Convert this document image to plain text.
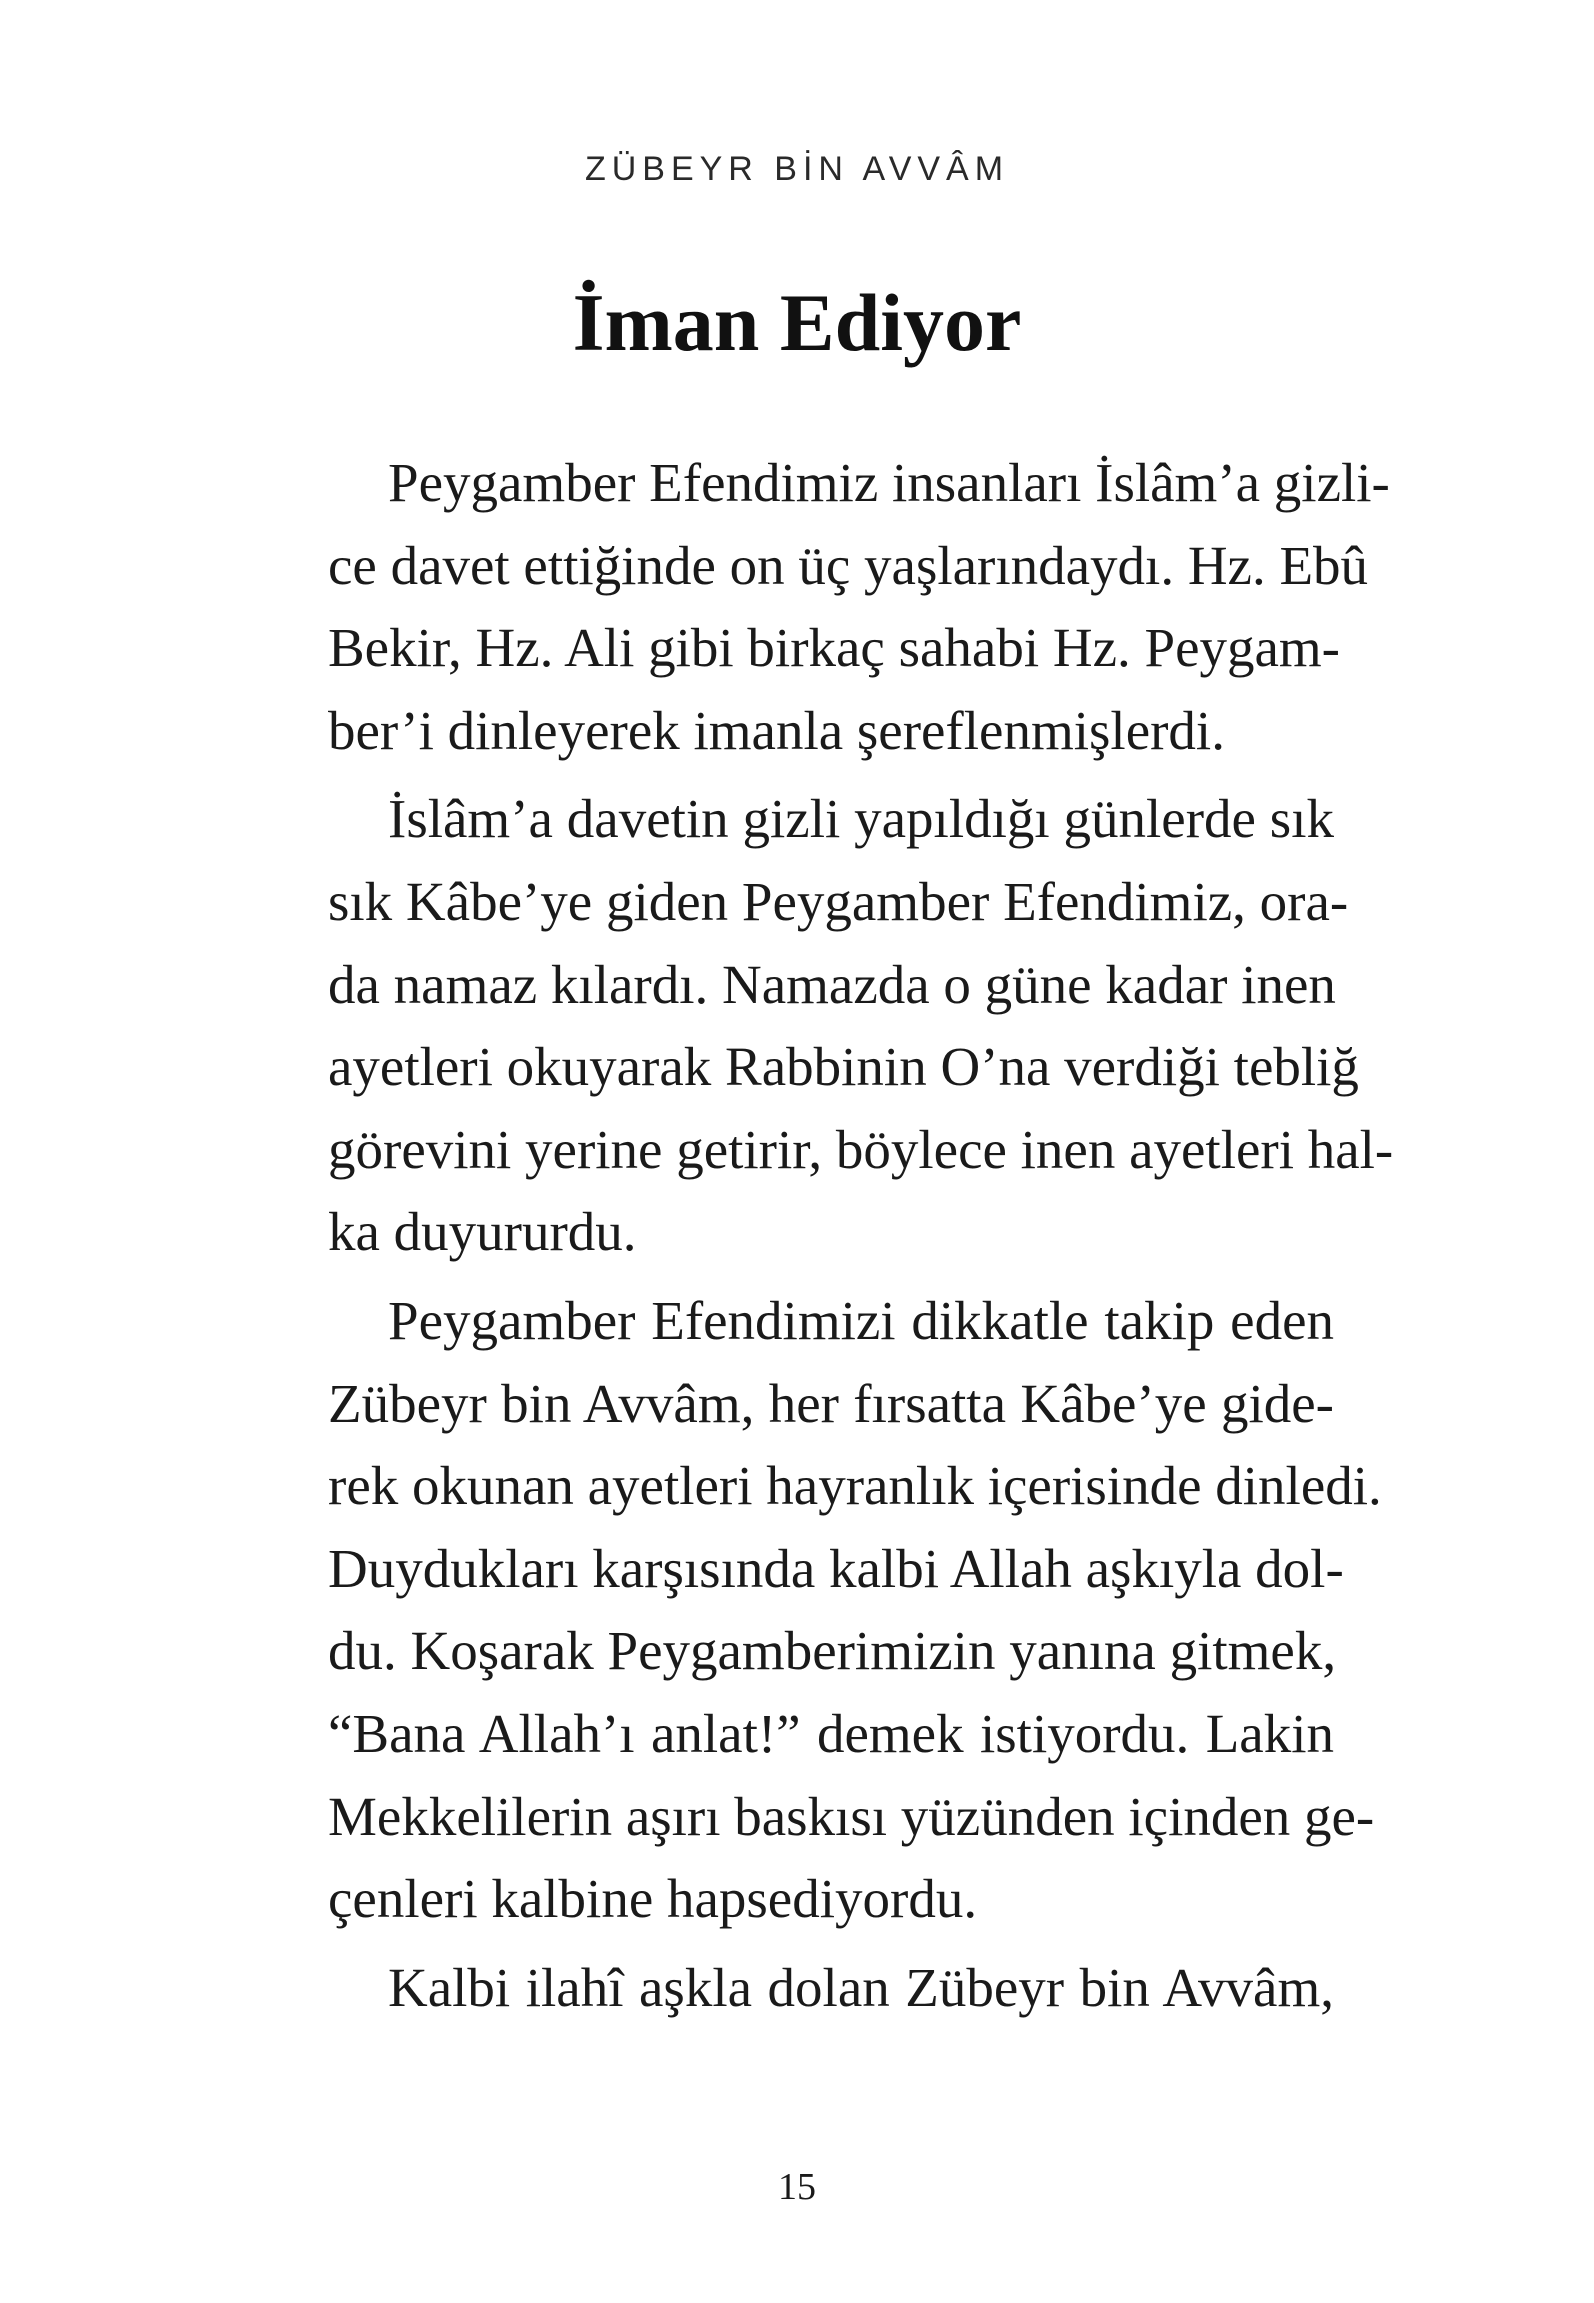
ZÜBEYR BİN AVVÂM
İman Ediyor

Peygamber Efendimiz insanları İslâm’a gizli-
ce davet ettiğinde on üç yaşlarındaydı. Hz. Ebû
Bekir, Hz. Ali gibi birkaç sahabi Hz. Peygam-
ber’i dinleyerek imanla şereflenmişlerdi.

İslâm’a davetin gizli yapıldığı günlerde sık
sık Kâbe’ye giden Peygamber Efendimiz, ora-
da namaz kılardı. Namazda o güne kadar inen
ayetleri okuyarak Rabbinin O’na verdiği tebliğ
görevini yerine getirir, böylece inen ayetleri hal-
ka duyururdu.

Peygamber Efendimizi dikkatle takip eden
Zübeyr bin Avvâm, her fırsatta Kâbe’ye gide-
rek okunan ayetleri hayranlık içerisinde dinledi.
Duydukları karşısında kalbi Allah aşkıyla dol-
du. Koşarak Peygamberimizin yanına gitmek,
“Bana Allah’ı anlat!” demek istiyordu. Lakin
Mekkelilerin aşırı baskısı yüzünden içinden ge-
çenleri kalbine hapsediyordu.

Kalbi ilahî aşkla dolan Zübeyr bin Avvâm,

15
